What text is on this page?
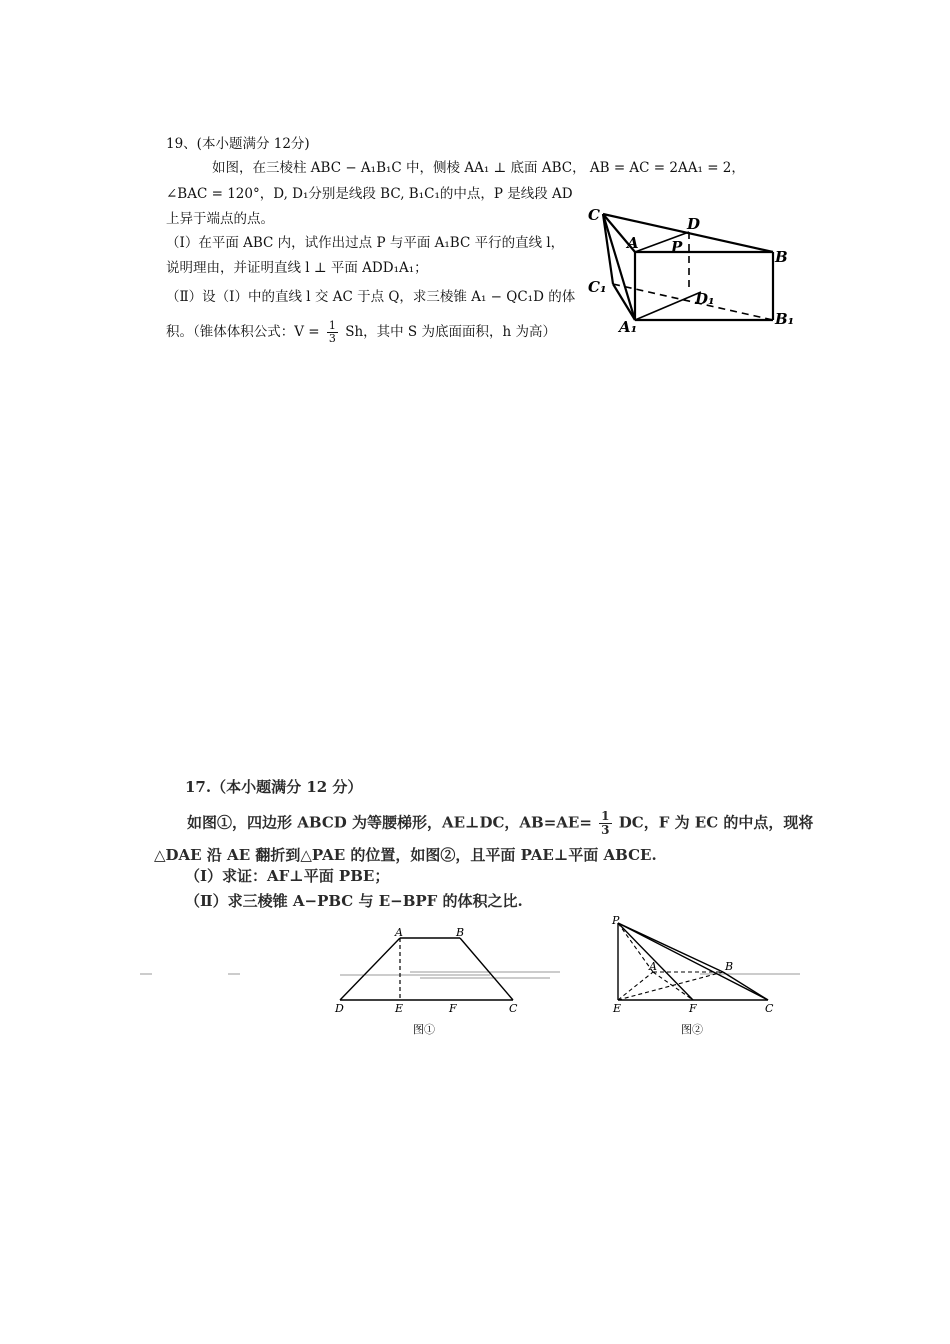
19、(本小题满分 12分)
如图，在三棱柱 ABC − A₁B₁C 中，侧棱 AA₁ ⊥ 底面 ABC， AB = AC = 2AA₁ = 2，
∠BAC = 120°，D, D₁分别是线段 BC, B₁C₁的中点，P 是线段 AD
上异于端点的点。
（Ⅰ）在平面 ABC 内，试作出过点 P 与平面 A₁BC 平行的直线 l，
说明理由，并证明直线 l ⊥ 平面 ADD₁A₁；
（Ⅱ）设（Ⅰ）中的直线 l 交 AC 于点 Q，求三棱锥 A₁ − QC₁D 的体
积。（锥体体积公式：$V = \frac{1}{3}$ Sh，其中 S 为底面面积，h 为高）
C	D
A P
B
C₁
D₁
A₁	B₁
17.（本小题满分 12 分）
如图①，四边形 ABCD 为等腰梯形，AE⊥DC，$AB=AE= \frac{1}{3}$ DC，F 为 EC 的中点，现将
△DAE 沿 AE 翻折到△PAE 的位置，如图②，且平面 PAE⊥平面 ABCE.
（Ⅰ）求证：AF⊥平面 PBE；
（Ⅱ）求三棱锥 A−PBC 与 E−BPF 的体积之比.
A	B
D	E	F	C
图①
P
A	B
E	F	C
图②
